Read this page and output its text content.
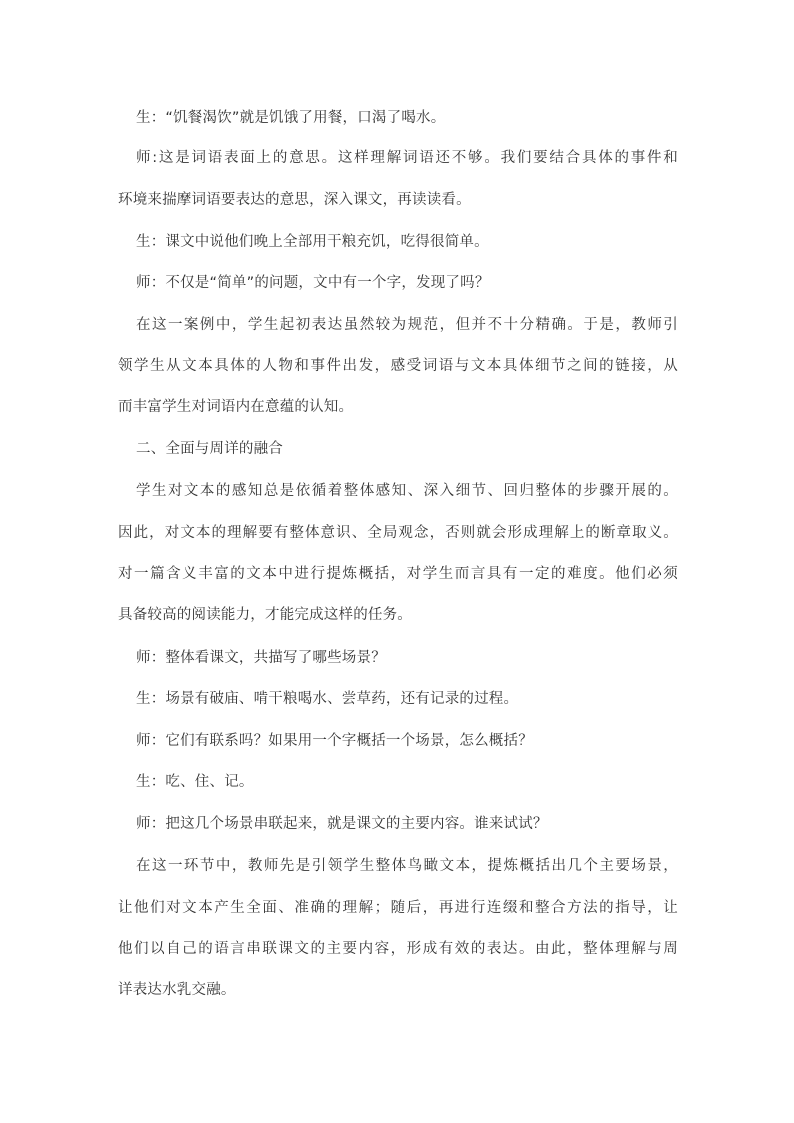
生：“饥餐渴饮”就是饥饿了用餐，口渴了喝水。
师:这是词语表面上的意思。这样理解词语还不够。我们要结合具体的事件和
环境来揣摩词语要表达的意思，深入课文，再读读看。
生：课文中说他们晚上全部用干粮充饥，吃得很简单。
师：不仅是“简单”的问题，文中有一个字，发现了吗？
在这一案例中，学生起初表达虽然较为规范，但并不十分精确。于是，教师引
领学生从文本具体的人物和事件出发，感受词语与文本具体细节之间的链接，从
而丰富学生对词语内在意蕴的认知。
二、全面与周详的融合
学生对文本的感知总是依循着整体感知、深入细节、回归整体的步骤开展的。
因此，对文本的理解要有整体意识、全局观念，否则就会形成理解上的断章取义。
对一篇含义丰富的文本中进行提炼概括，对学生而言具有一定的难度。他们必须
具备较高的阅读能力，才能完成这样的任务。
师：整体看课文，共描写了哪些场景？
生：场景有破庙、啃干粮喝水、尝草药，还有记录的过程。
师：它们有联系吗？如果用一个字概括一个场景，怎么概括？
生：吃、住、记。
师：把这几个场景串联起来，就是课文的主要内容。谁来试试？
在这一环节中，教师先是引领学生整体鸟瞰文本，提炼概括出几个主要场景，
让他们对文本产生全面、准确的理解；随后，再进行连缀和整合方法的指导，让
他们以自己的语言串联课文的主要内容，形成有效的表达。由此，整体理解与周
详表达水乳交融。
